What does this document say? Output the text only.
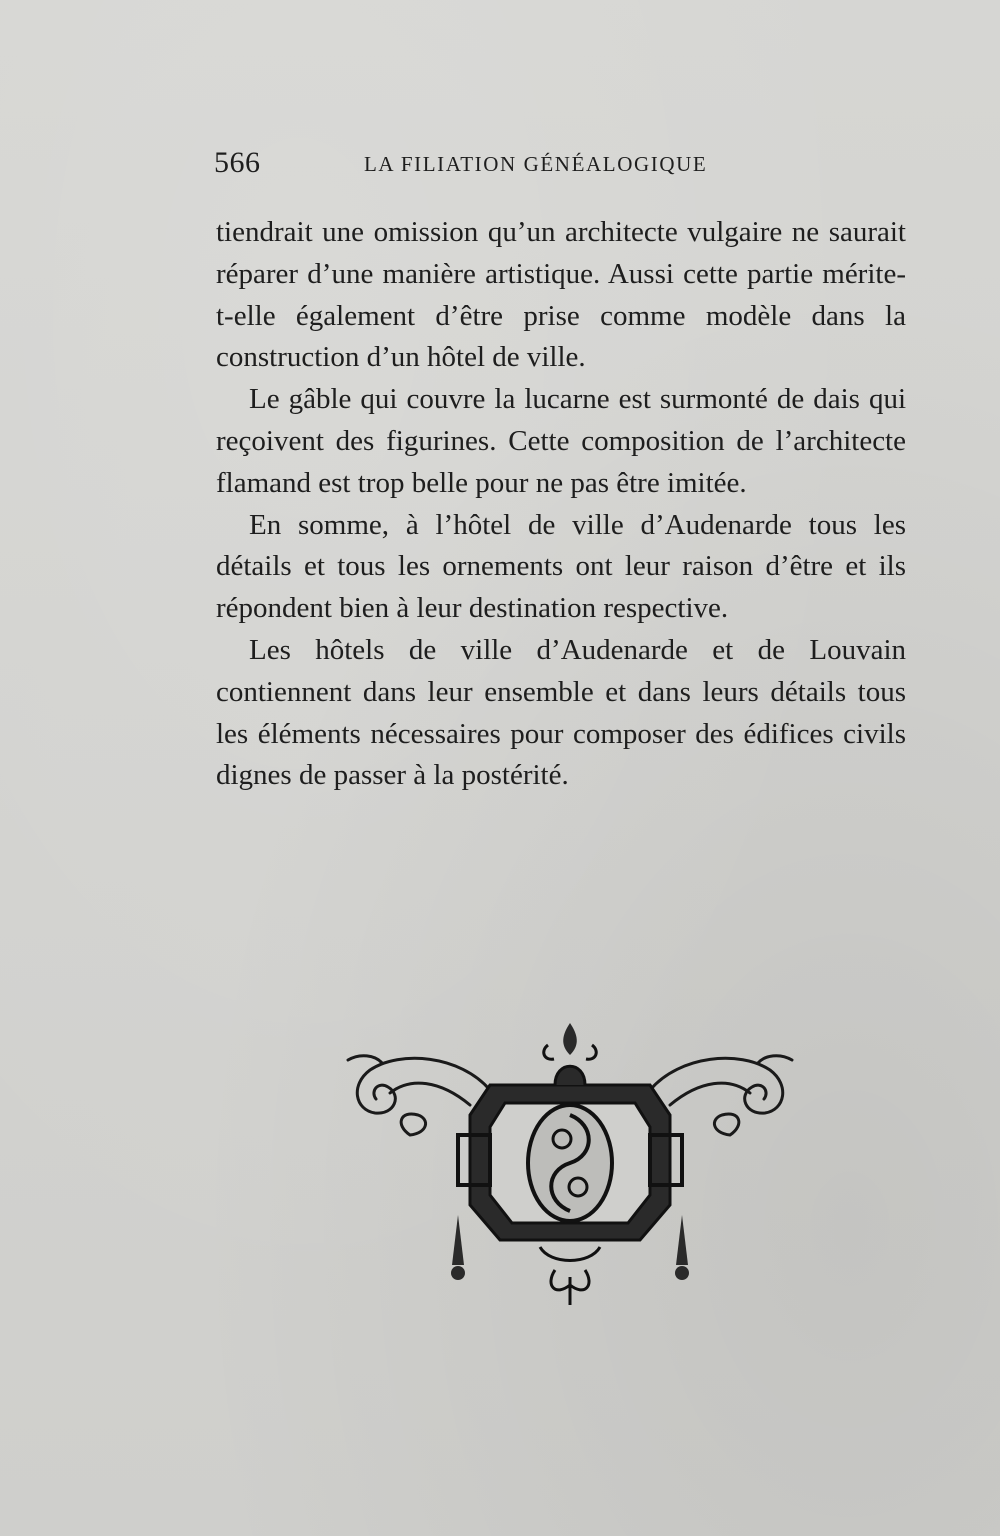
566	LA FILIATION GÉNÉALOGIQUE

tiendrait une omission qu’un architecte vulgaire ne saurait réparer d’une manière artistique. Aussi cette partie mérite-t-elle également d’être prise comme modèle dans la construction d’un hôtel de ville.

Le gâble qui couvre la lucarne est surmonté de dais qui reçoivent des figurines. Cette composition de l’architecte flamand est trop belle pour ne pas être imitée.

En somme, à l’hôtel de ville d’Audenarde tous les détails et tous les ornements ont leur raison d’être et ils répondent bien à leur destination respective.

Les hôtels de ville d’Audenarde et de Louvain contiennent dans leur ensemble et dans leurs détails tous les éléments nécessaires pour composer des édifices civils dignes de passer à la postérité.
